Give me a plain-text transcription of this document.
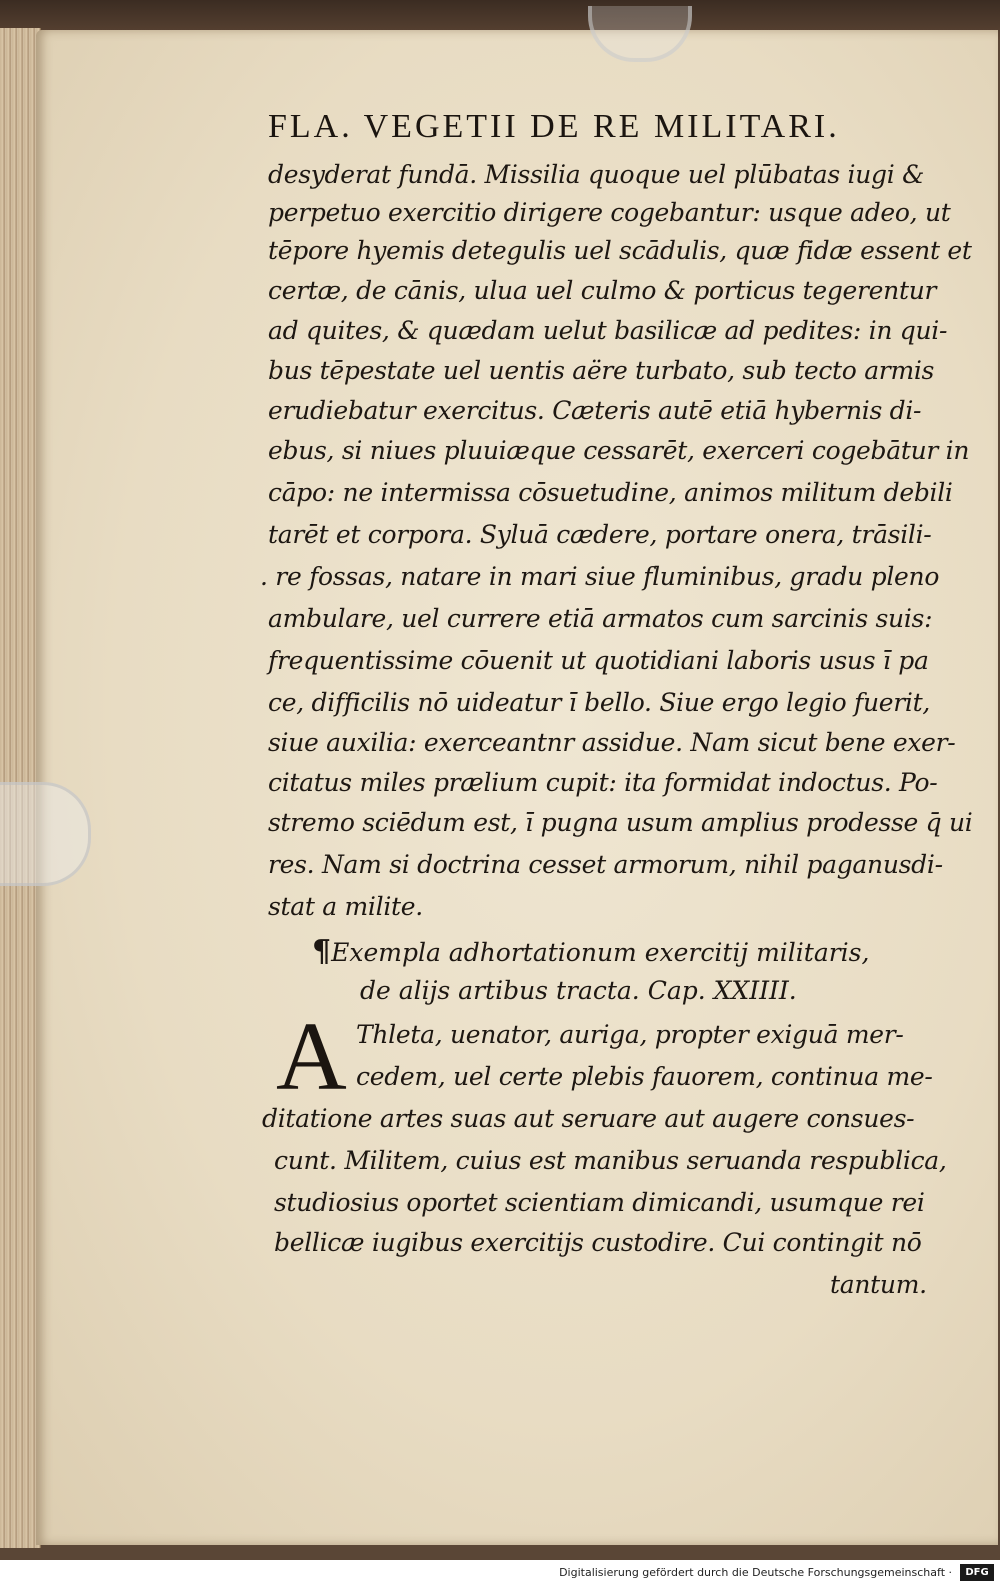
FLA. VEGETII DE RE MILITARI.
desyderat fundā. Missilia quoque uel plūbatas iugi &
perpetuo exercitio dirigere cogebantur: usque adeo, ut
tēpore hyemis detegulis uel scādulis, quæ fidæ essent et
certæ, de cānis, ulua uel culmo & porticus tegerentur
ad quites, & quædam uelut basilicæ ad pedites: in qui-
bus tēpestate uel uentis aëre turbato, sub tecto armis
erudiebatur exercitus. Cæteris autē etiā hybernis di-
ebus, si niues pluuiæque cessarēt, exerceri cogebātur in
cāpo: ne intermissa cōsuetudine, animos militum debili
tarēt et corpora. Syluā cædere, portare onera, trāsili-
. re fossas, natare in mari siue fluminibus, gradu pleno
ambulare, uel currere etiā armatos cum sarcinis suis:
frequentissime cōuenit ut quotidiani laboris usus ī pa
ce, difficilis nō uideatur ī bello. Siue ergo legio fuerit,
siue auxilia: exerceantnr assidue. Nam sicut bene exer-
citatus miles prælium cupit: ita formidat indoctus. Po-
stremo sciēdum est, ī pugna usum amplius prodesse q̄ ui
res. Nam si doctrina cesset armorum, nihil paganusdi-
stat a milite.
¶Exempla adhortationum exercitij militaris,
de alijs artibus tracta. Cap. XXIIII.
A Thleta, uenator, auriga, propter exiguā mer-
cedem, uel certe plebis fauorem, continua me-
ditatione artes suas aut seruare aut augere consues-
cunt. Militem, cuius est manibus seruanda respublica,
studiosius oportet scientiam dimicandi, usumque rei
bellicæ iugibus exercitijs custodire. Cui contingit nō
tantum.
Digitalisierung gefördert durch die Deutsche Forschungsgemeinschaft ·	DFG
